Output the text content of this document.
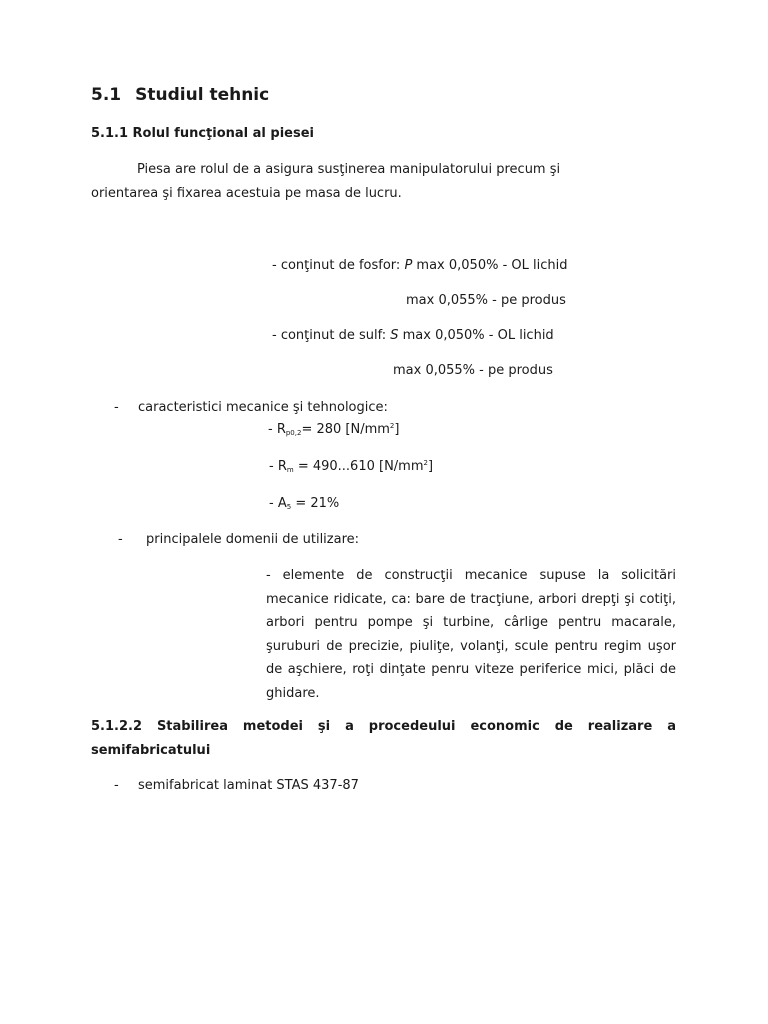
5.1 Studiul tehnic
5.1.1 Rolul funcţional al piesei
Piesa are rolul de a asigura susţinerea manipulatorului precum şi
orientarea şi fixarea acestuia pe masa de lucru.
- conţinut de fosfor: P max 0,050% - OL lichid
max 0,055% - pe produs
- conţinut de sulf: S max 0,050% - OL lichid
max 0,055% - pe produs
- caracteristici mecanice şi tehnologice:
- $R_{p0,2}= 280$ $[N/mm^2]$
- $R_m = 490...610$ $[N/mm^2]$
- $A_5 = 21\%$
- principalele domenii de utilizare:
- elemente de construcţii mecanice supuse la solicitări mecanice ridicate, ca: bare de tracţiune, arbori drepţi şi cotiţi, arbori pentru pompe şi turbine, cârlige pentru macarale, şuruburi de precizie, piuliţe, volanţi, scule pentru regim uşor de aşchiere, roţi dinţate penru viteze periferice mici, plăci de ghidare.
5.1.2.2 Stabilirea metodei şi a procedeului economic de realizare a semifabricatului
- semifabricat laminat STAS 437-87
